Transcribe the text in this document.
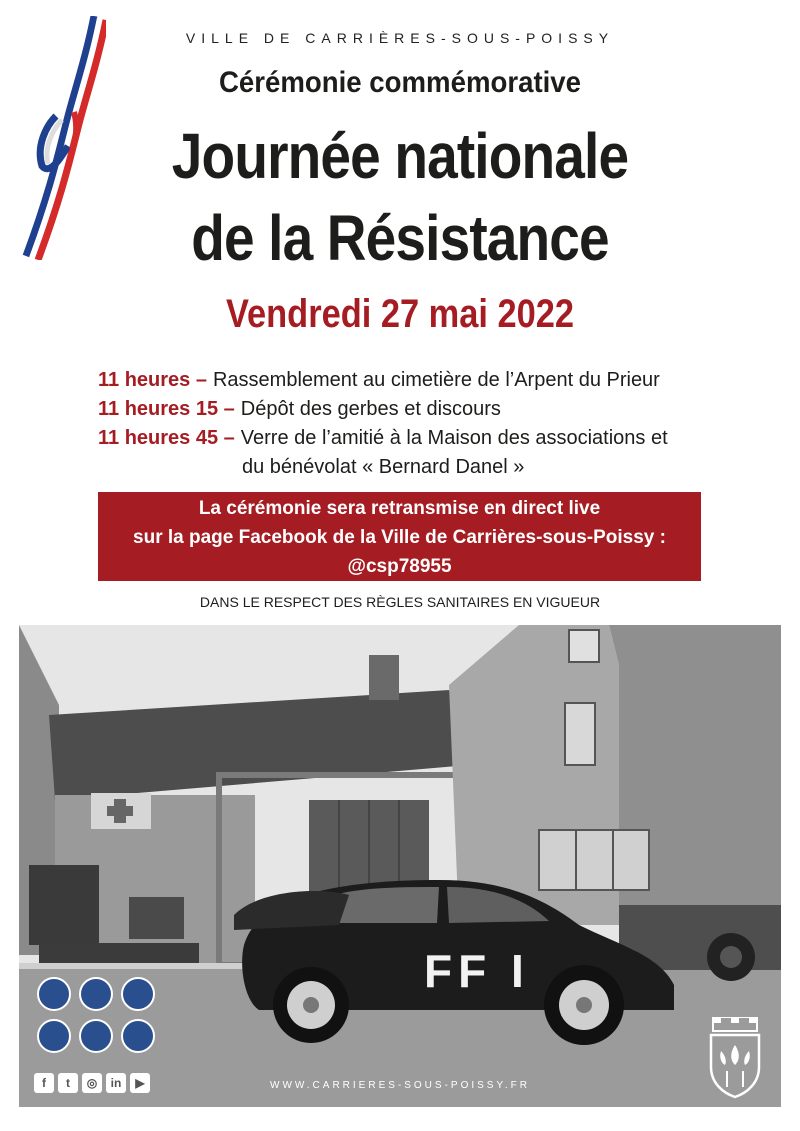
VILLE DE CARRIÈRES-SOUS-POISSY
Cérémonie commémorative
Journée nationale
de la Résistance
Vendredi 27 mai 2022
11 heures – Rassemblement au cimetière de l’Arpent du Prieur
11 heures 15 – Dépôt des gerbes et discours
11 heures 45 – Verre de l’amitié à la Maison des associations et
du bénévolat « Bernard Danel »
La cérémonie sera retransmise en direct live
sur la page Facebook de la Ville de Carrières-sous-Poissy :
@csp78955
DANS LE RESPECT DES RÈGLES SANITAIRES EN VIGUEUR
FF I
f	t	◎	in	▶	WWW.CARRIERES-SOUS-POISSY.FR
